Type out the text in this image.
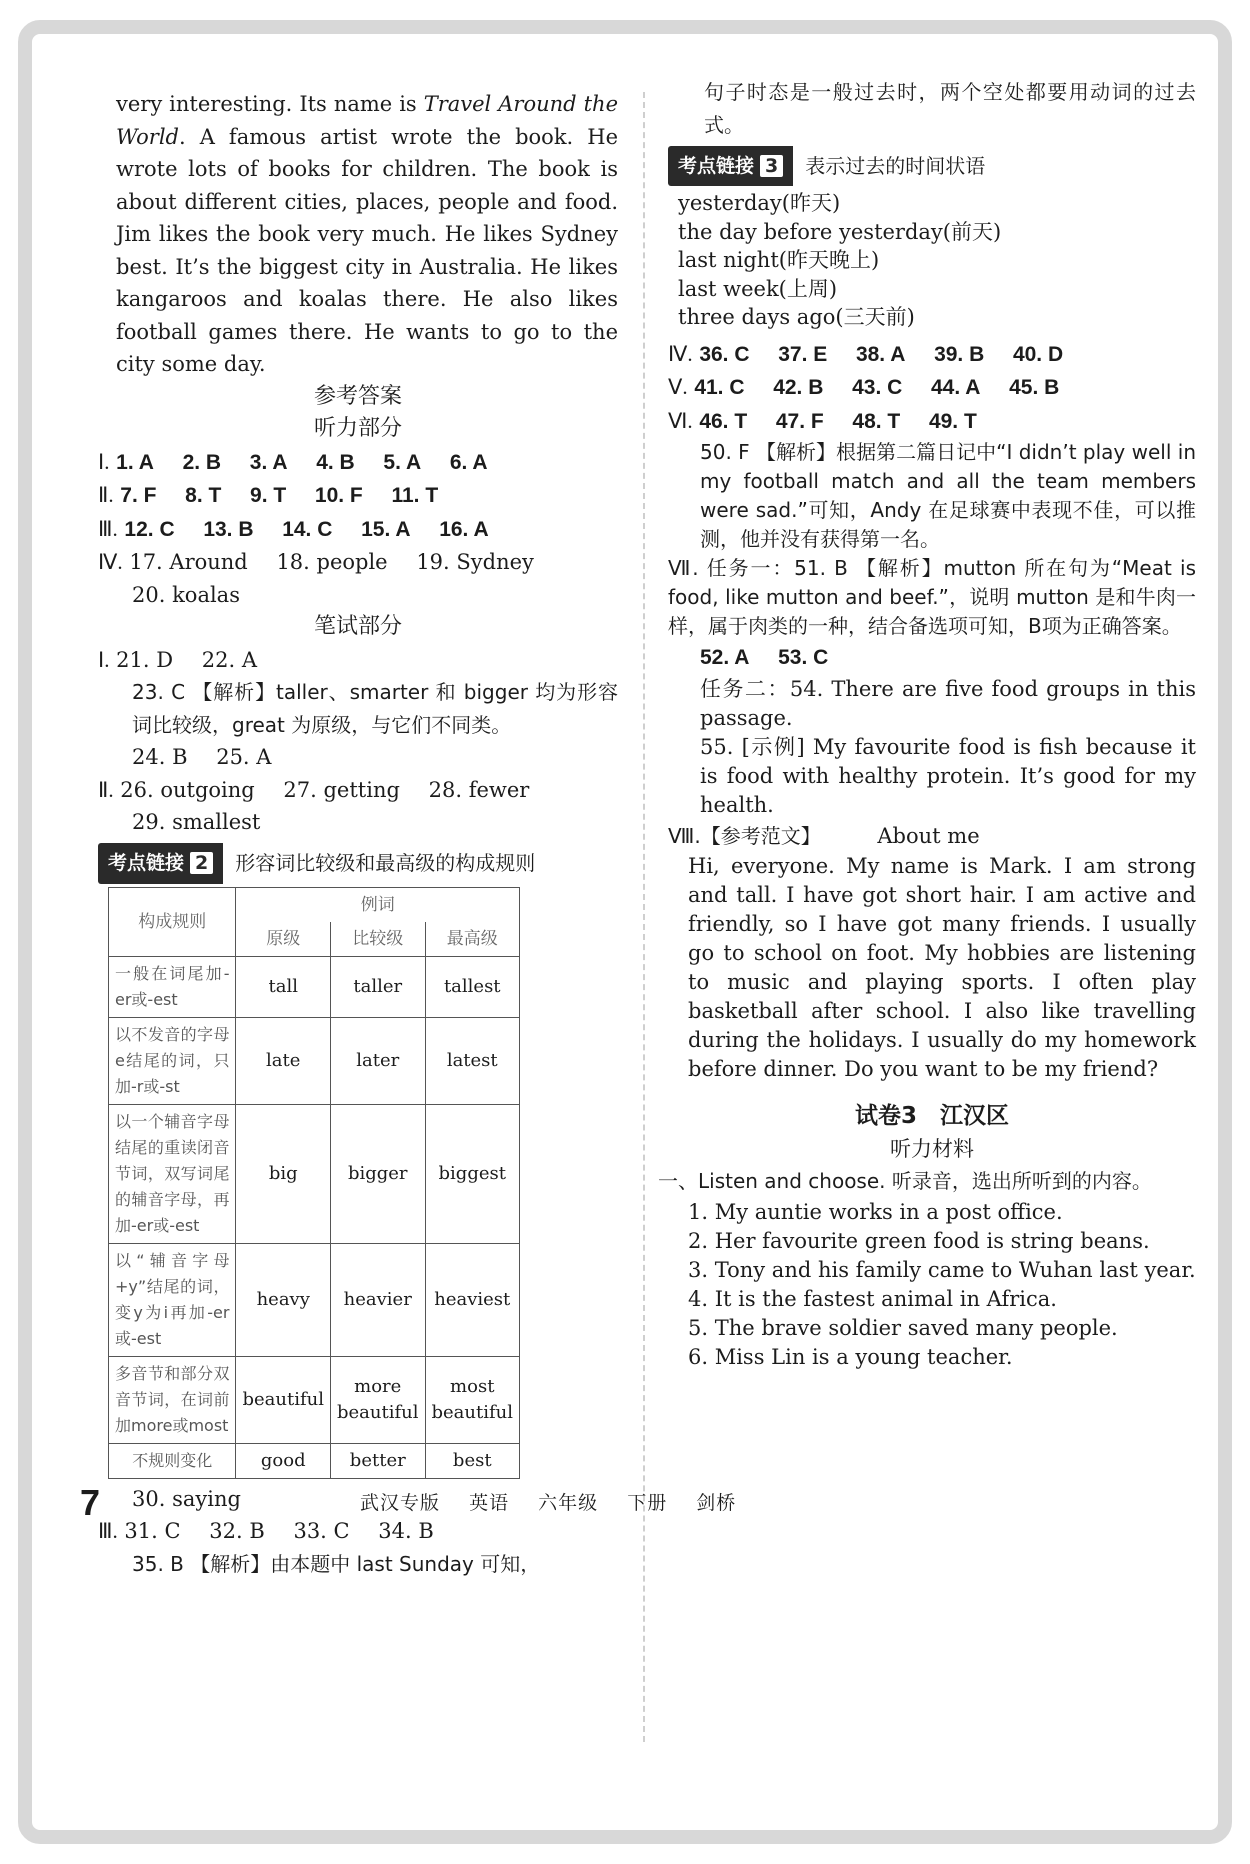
very interesting. Its name is Travel Around the World. A famous artist wrote the book. He wrote lots of books for children. The book is about different cities, places, people and food. Jim likes the book very much. He likes Sydney best. It’s the biggest city in Australia. He likes kangaroos and koalas there. He also likes football games there. He wants to go to the city some day.
参考答案
听力部分
Ⅰ. 1. A 2. B 3. A 4. B 5. A 6. A
Ⅱ. 7. F 8. T 9. T 10. F 11. T
Ⅲ. 12. C 13. B 14. C 15. A 16. A
Ⅳ. 17. Around 18. people 19. Sydney
20. koalas
笔试部分
Ⅰ. 21. D 22. A
23. C 【解析】taller、smarter 和 bigger 均为形容词比较级，great 为原级，与它们不同类。
24. B 25. A
Ⅱ. 26. outgoing 27. getting 28. fewer
29. smallest
考点链接 2	形容词比较级和最高级的构成规则
构成规则	例词		
	原级	比较级	最高级
一般在词尾加-er或-est	tall	taller	tallest
以不发音的字母e结尾的词，只加-r或-st	late	later	latest
以一个辅音字母结尾的重读闭音节词，双写词尾的辅音字母，再加-er或-est	big	bigger	biggest
以“辅音字母+y”结尾的词，变y为i再加-er或-est	heavy	heavier	heaviest
多音节和部分双音节词，在词前加more或most	beautiful	more beautiful	most beautiful
不规则变化	good	better	best
30. saying
Ⅲ. 31. C 32. B 33. C 34. B
35. B 【解析】由本题中 last Sunday 可知，
句子时态是一般过去时，两个空处都要用动词的过去式。
考点链接 3	表示过去的时间状语
yesterday(昨天)
the day before yesterday(前天)
last night(昨天晚上)
last week(上周)
three days ago(三天前)
Ⅳ. 36. C 37. E 38. A 39. B 40. D
Ⅴ. 41. C 42. B 43. C 44. A 45. B
Ⅵ. 46. T 47. F 48. T 49. T
50. F 【解析】根据第二篇日记中“I didn’t play well in my football match and all the team members were sad.”可知，Andy 在足球赛中表现不佳，可以推测，他并没有获得第一名。
Ⅶ. 任务一：51. B 【解析】mutton 所在句为“Meat is food, like mutton and beef.”，说明 mutton 是和牛肉一样，属于肉类的一种，结合备选项可知，B项为正确答案。
52. A 53. C
任务二：54. There are five food groups in this passage.
55. [示例] My favourite food is fish because it is food with healthy protein. It’s good for my health.
Ⅷ.【参考范文】	About me
Hi, everyone. My name is Mark. I am strong and tall. I have got short hair. I am active and friendly, so I have got many friends. I usually go to school on foot. My hobbies are listening to music and playing sports. I often play basketball after school. I also like travelling during the holidays. I usually do my homework before dinner. Do you want to be my friend?
试卷3　江汉区
听力材料
一、Listen and choose. 听录音，选出所听到的内容。
1. My auntie works in a post office.
2. Her favourite green food is string beans.
3. Tony and his family came to Wuhan last year.
4. It is the fastest animal in Africa.
5. The brave soldier saved many people.
6. Miss Lin is a young teacher.
7	武汉专版 英语 六年级 下册 剑桥
